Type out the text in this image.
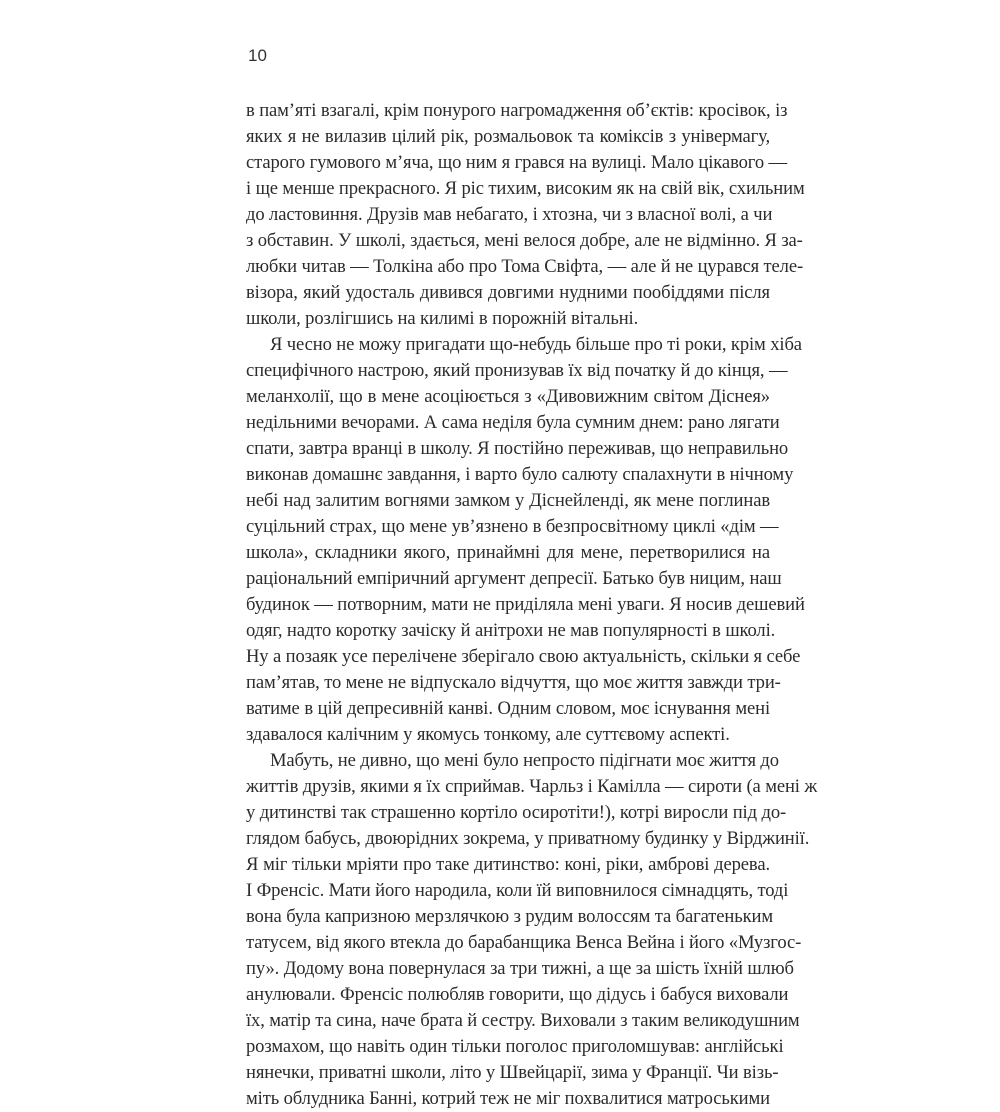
10

в пам’яті взагалі, крім понурого нагромадження об’єктів: кросівок, із
яких я не вилазив цілий рік, розмальовок та коміксів з універмагу,
старого гумового м’яча, що ним я грався на вулиці. Мало цікавого —
і ще менше прекрасного. Я ріс тихим, високим як на свій вік, схильним
до ластовиння. Друзів мав небагато, і хтозна, чи з власної волі, а чи
з обставин. У школі, здається, мені велося добре, але не відмінно. Я за-
любки читав — Толкіна або про Тома Свіфта, — але й не цурався теле-
візора, який удосталь дивився довгими нудними пообіддями після
школи, розлігшись на килимі в порожній вітальні.
Я чесно не можу пригадати що-небудь більше про ті роки, крім хіба
специфічного настрою, який пронизував їх від початку й до кінця, —
меланхолії, що в мене асоціюється з «Дивовижним світом Діснея»
недільними вечорами. А сама неділя була сумним днем: рано лягати
спати, завтра вранці в школу. Я постійно переживав, що неправильно
виконав домашнє завдання, і варто було салюту спалахнути в нічному
небі над залитим вогнями замком у Діснейленді, як мене поглинав
суцільний страх, що мене ув’язнено в безпросвітному циклі «дім —
школа», складники якого, принаймні для мене, перетворилися на
раціональний емпіричний аргумент депресії. Батько був ницим, наш
будинок — потворним, мати не приділяла мені уваги. Я носив дешевий
одяг, надто коротку зачіску й анітрохи не мав популярності в школі.
Ну а позаяк усе перелічене зберігало свою актуальність, скільки я себе
пам’ятав, то мене не відпускало відчуття, що моє життя завжди три-
ватиме в цій депресивній канві. Одним словом, моє існування мені
здавалося калічним у якомусь тонкому, але суттєвому аспекті.
Мабуть, не дивно, що мені було непросто підігнати моє життя до
життів друзів, якими я їх сприймав. Чарльз і Камілла — сироти (а мені ж
у дитинстві так страшенно кортіло осиротіти!), котрі виросли під до-
глядом бабусь, двоюрідних зокрема, у приватному будинку у Вірджинії.
Я міг тільки мріяти про таке дитинство: коні, ріки, амброві дерева.
І Френсіс. Мати його народила, коли їй виповнилося сімнадцять, тоді
вона була капризною мерзлячкою з рудим волоссям та багатеньким
татусем, від якого втекла до барабанщика Венса Вейна і його «Музгос-
пу». Додому вона повернулася за три тижні, а ще за шість їхній шлюб
анулювали. Френсіс полюбляв говорити, що дідусь і бабуся виховали
їх, матір та сина, наче брата й сестру. Виховали з таким великодушним
розмахом, що навіть один тільки поголос приголомшував: англійські
нянечки, приватні школи, літо у Швейцарії, зима у Франції. Чи візь-
міть облудника Банні, котрий теж не міг похвалитися матроськими
